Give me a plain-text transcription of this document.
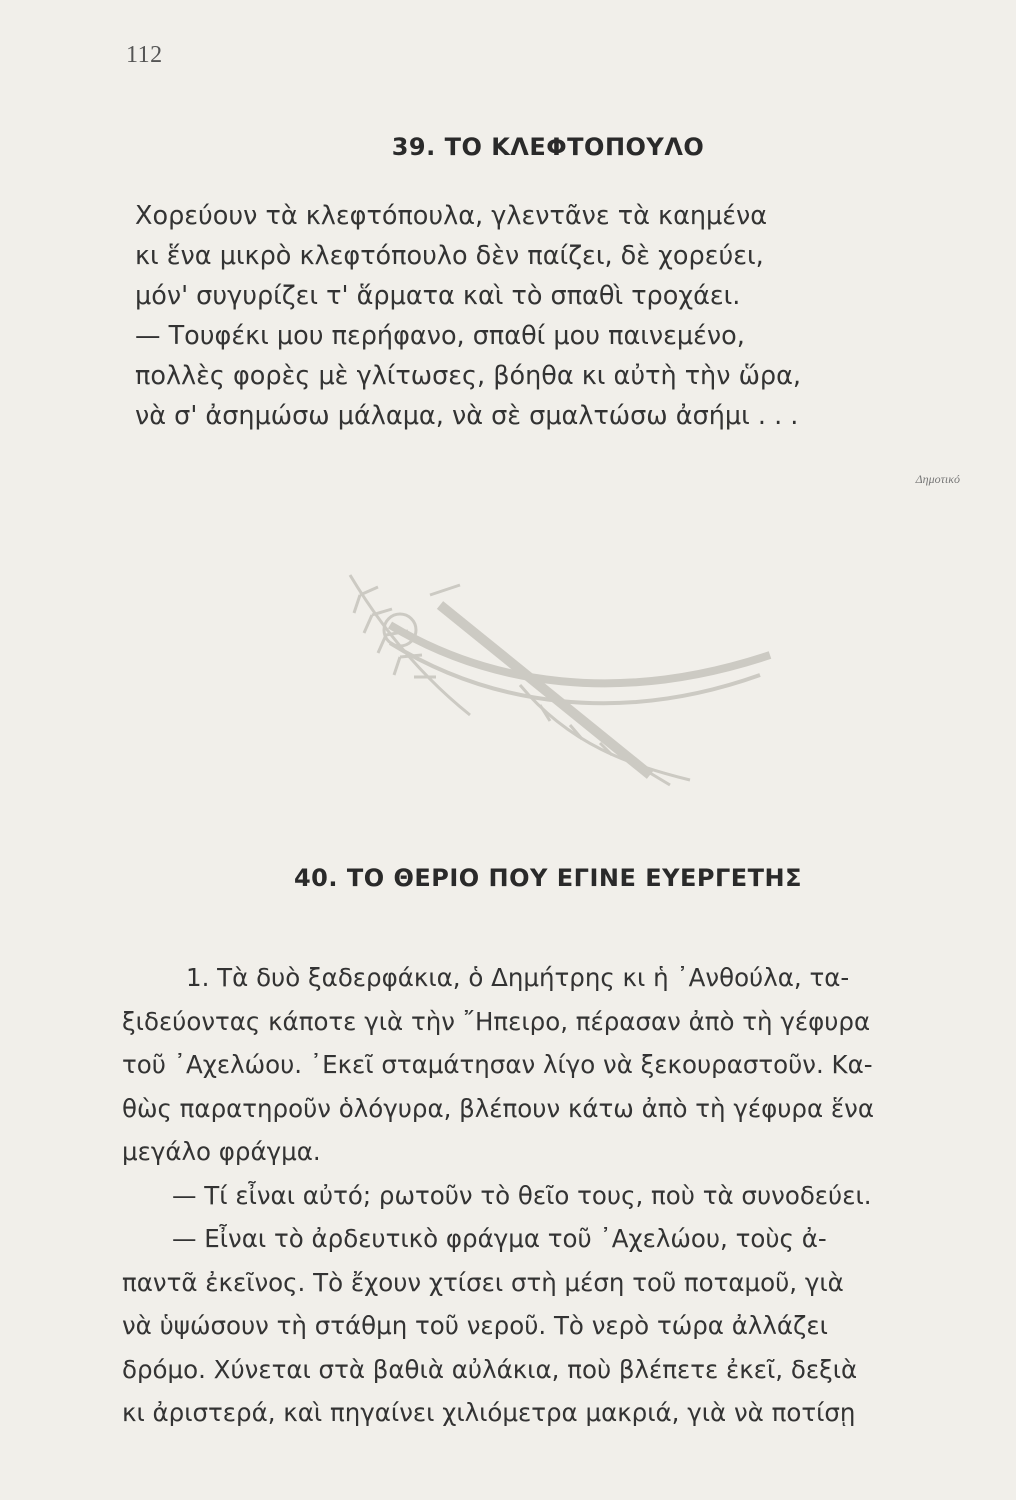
112
39. ΤΟ ΚΛΕΦΤΟΠΟΥΛΟ
Χορεύουν τὰ κλεφτόπουλα, γλεντᾶνε τὰ καημένα
κι ἕνα μικρὸ κλεφτόπουλο δὲν παίζει, δὲ χορεύει,
μόν' συγυρίζει τ' ἅρματα καὶ τὸ σπαθὶ τροχάει.
— Τουφέκι μου περήφανο, σπαθί μου παινεμένο,
πολλὲς φορὲς μὲ γλίτωσες, βόηθα κι αὐτὴ τὴν ὥρα,
νὰ σ' ἀσημώσω μάλαμα, νὰ σὲ σμαλτώσω ἀσήμι . . .
Δημοτικό
40. ΤΟ ΘΕΡΙΟ ΠΟΥ ΕΓΙΝΕ ΕΥΕΡΓΕΤΗΣ
1. Τὰ δυὸ ξαδερφάκια, ὁ Δημήτρης κι ἡ ᾽Ανθούλα, τα-
ξιδεύοντας κάποτε γιὰ τὴν ῎Ηπειρο, πέρασαν ἀπὸ τὴ γέφυρα
τοῦ ᾽Αχελώου. ᾽Εκεῖ σταμάτησαν λίγο νὰ ξεκουραστοῦν. Κα-
θὼς παρατηροῦν ὁλόγυρα, βλέπουν κάτω ἀπὸ τὴ γέφυρα ἕνα
μεγάλο φράγμα.
— Τί εἶναι αὐτό; ρωτοῦν τὸ θεῖο τους, ποὺ τὰ συνοδεύει.
— Εἶναι τὸ ἀρδευτικὸ φράγμα τοῦ ᾽Αχελώου, τοὺς ἀ-
παντᾶ ἐκεῖνος. Τὸ ἔχουν χτίσει στὴ μέση τοῦ ποταμοῦ, γιὰ
νὰ ὑψώσουν τὴ στάθμη τοῦ νεροῦ. Τὸ νερὸ τώρα ἀλλάζει
δρόμο. Χύνεται στὰ βαθιὰ αὐλάκια, ποὺ βλέπετε ἐκεῖ, δεξιὰ
κι ἀριστερά, καὶ πηγαίνει χιλιόμετρα μακριά, γιὰ νὰ ποτίσῃ
